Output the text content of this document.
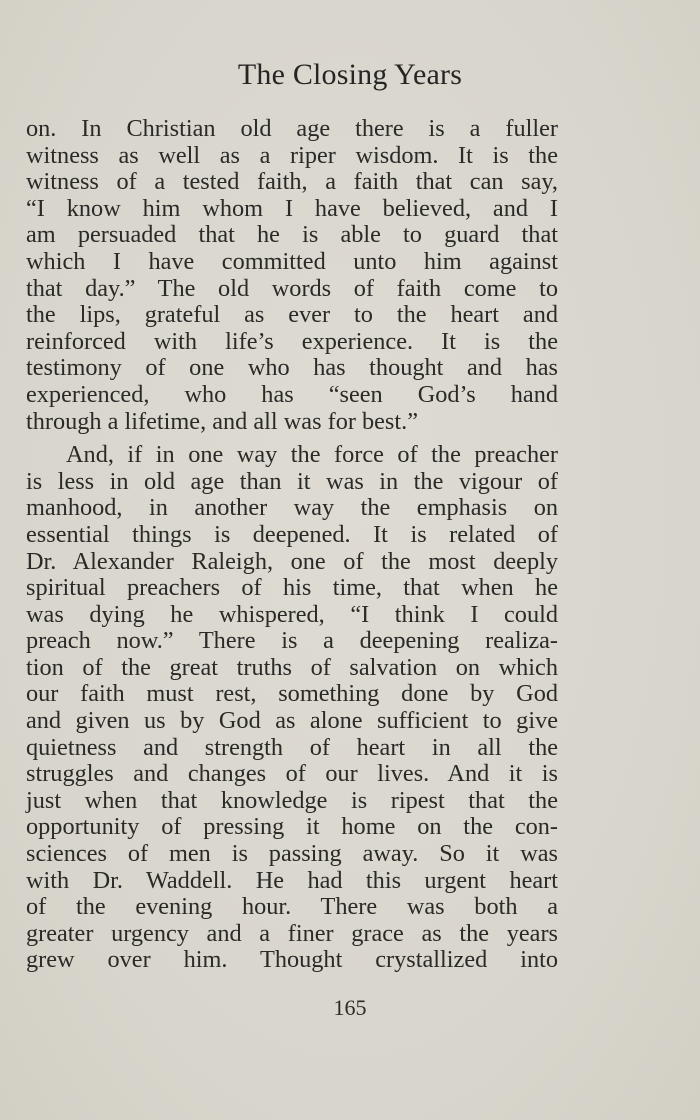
The Closing Years

on. In Christian old age there is a fuller
witness as well as a riper wisdom. It is the
witness of a tested faith, a faith that can say,
“I know him whom I have believed, and I
am persuaded that he is able to guard that
which I have committed unto him against
that day.” The old words of faith come to
the lips, grateful as ever to the heart and
reinforced with life’s experience. It is the
testimony of one who has thought and has
experienced, who has “seen God’s hand
through a lifetime, and all was for best.”

And, if in one way the force of the preacher
is less in old age than it was in the vigour of
manhood, in another way the emphasis on
essential things is deepened. It is related of
Dr. Alexander Raleigh, one of the most deeply
spiritual preachers of his time, that when he
was dying he whispered, “I think I could
preach now.” There is a deepening realiza-
tion of the great truths of salvation on which
our faith must rest, something done by God
and given us by God as alone sufficient to give
quietness and strength of heart in all the
struggles and changes of our lives. And it is
just when that knowledge is ripest that the
opportunity of pressing it home on the con-
sciences of men is passing away. So it was
with Dr. Waddell. He had this urgent heart
of the evening hour. There was both a
greater urgency and a finer grace as the years
grew over him. Thought crystallized into

165
